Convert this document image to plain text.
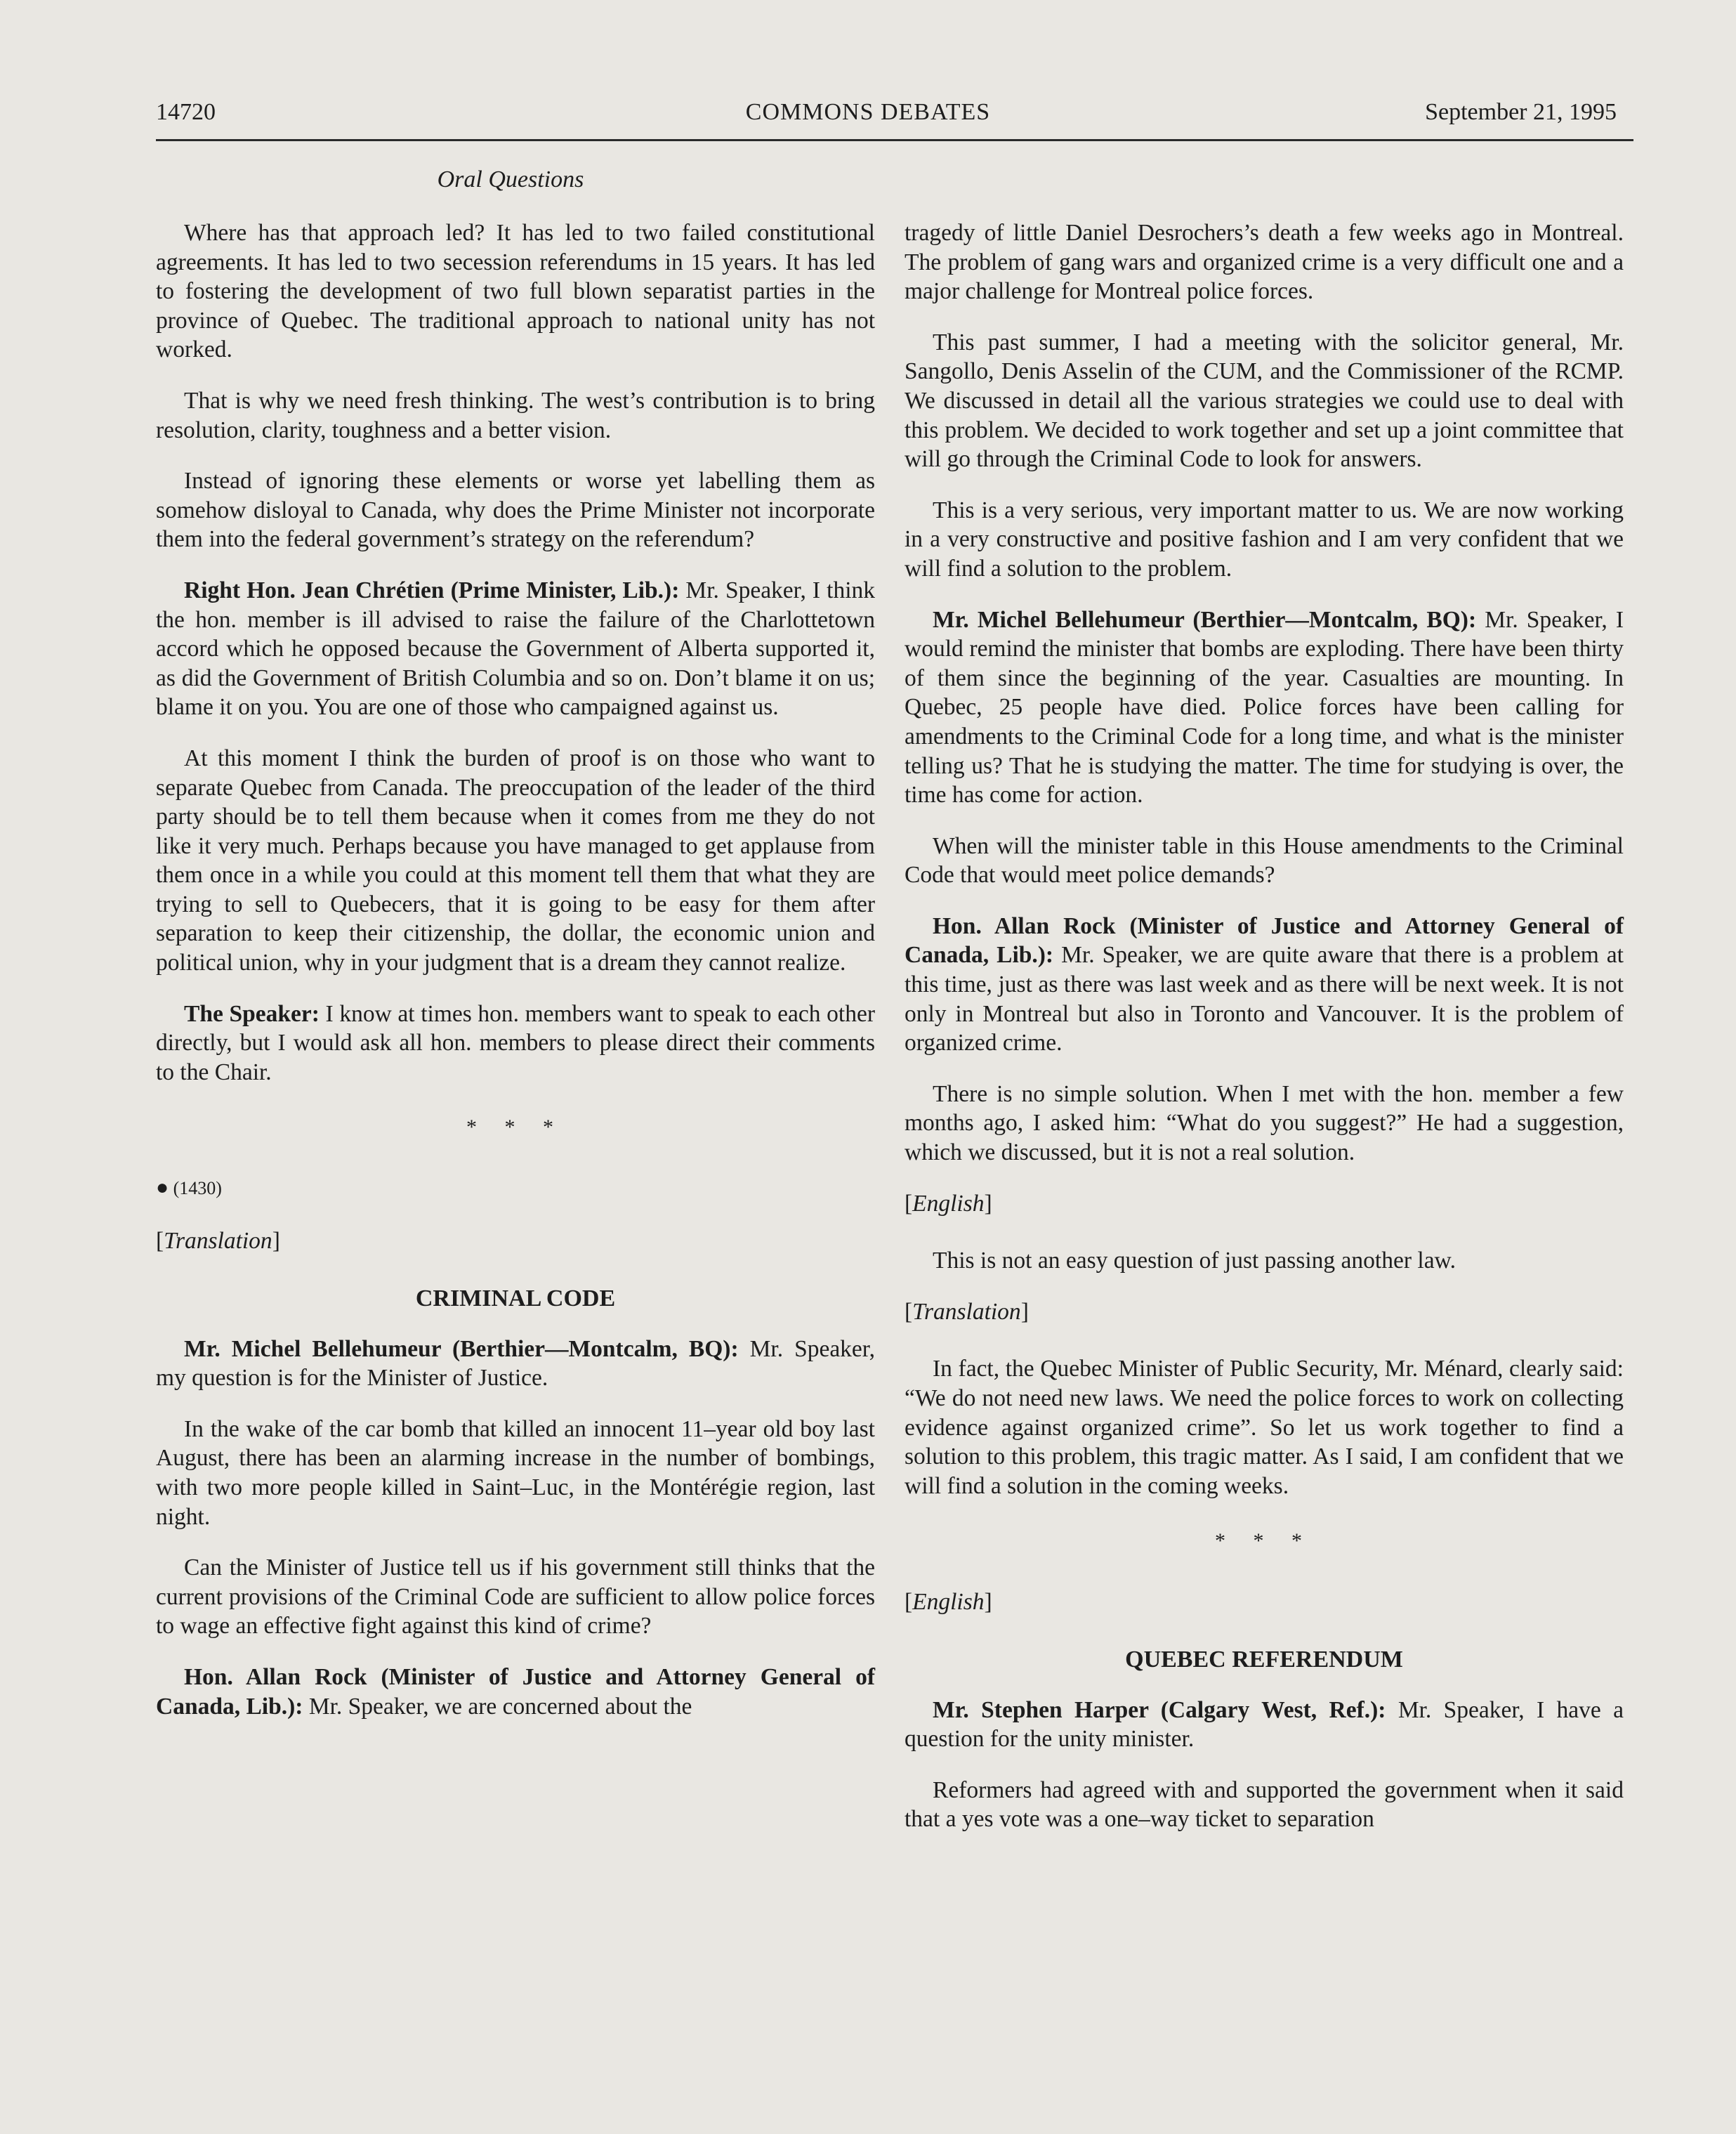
14720	COMMONS DEBATES	September 21, 1995
Oral Questions

Where has that approach led? It has led to two failed constitutional agreements. It has led to two secession referendums in 15 years. It has led to fostering the development of two full blown separatist parties in the province of Quebec. The traditional approach to national unity has not worked.

That is why we need fresh thinking. The west’s contribution is to bring resolution, clarity, toughness and a better vision.

Instead of ignoring these elements or worse yet labelling them as somehow disloyal to Canada, why does the Prime Minister not incorporate them into the federal government’s strategy on the referendum?

Right Hon. Jean Chrétien (Prime Minister, Lib.): Mr. Speaker, I think the hon. member is ill advised to raise the failure of the Charlottetown accord which he opposed because the Government of Alberta supported it, as did the Government of British Columbia and so on. Don’t blame it on us; blame it on you. You are one of those who campaigned against us.

At this moment I think the burden of proof is on those who want to separate Quebec from Canada. The preoccupation of the leader of the third party should be to tell them because when it comes from me they do not like it very much. Perhaps because you have managed to get applause from them once in a while you could at this moment tell them that what they are trying to sell to Quebecers, that it is going to be easy for them after separation to keep their citizenship, the dollar, the economic union and political union, why in your judgment that is a dream they cannot realize.

The Speaker: I know at times hon. members want to speak to each other directly, but I would ask all hon. members to please direct their comments to the Chair.

* * *
● (1430)
[ Translation ]
CRIMINAL CODE

Mr. Michel Bellehumeur (Berthier—Montcalm, BQ): Mr. Speaker, my question is for the Minister of Justice.

In the wake of the car bomb that killed an innocent 11–year old boy last August, there has been an alarming increase in the number of bombings, with two more people killed in Saint–Luc, in the Montérégie region, last night.

Can the Minister of Justice tell us if his government still thinks that the current provisions of the Criminal Code are sufficient to allow police forces to wage an effective fight against this kind of crime?

Hon. Allan Rock (Minister of Justice and Attorney General of Canada, Lib.): Mr. Speaker, we are concerned about the

tragedy of little Daniel Desrochers’s death a few weeks ago in Montreal. The problem of gang wars and organized crime is a very difficult one and a major challenge for Montreal police forces.

This past summer, I had a meeting with the solicitor general, Mr. Sangollo, Denis Asselin of the CUM, and the Commissioner of the RCMP. We discussed in detail all the various strategies we could use to deal with this problem. We decided to work together and set up a joint committee that will go through the Criminal Code to look for answers.

This is a very serious, very important matter to us. We are now working in a very constructive and positive fashion and I am very confident that we will find a solution to the problem.

Mr. Michel Bellehumeur (Berthier—Montcalm, BQ): Mr. Speaker, I would remind the minister that bombs are exploding. There have been thirty of them since the beginning of the year. Casualties are mounting. In Quebec, 25 people have died. Police forces have been calling for amendments to the Criminal Code for a long time, and what is the minister telling us? That he is studying the matter. The time for studying is over, the time has come for action.

When will the minister table in this House amendments to the Criminal Code that would meet police demands?

Hon. Allan Rock (Minister of Justice and Attorney General of Canada, Lib.): Mr. Speaker, we are quite aware that there is a problem at this time, just as there was last week and as there will be next week. It is not only in Montreal but also in Toronto and Vancouver. It is the problem of organized crime.

There is no simple solution. When I met with the hon. member a few months ago, I asked him: “What do you suggest?” He had a suggestion, which we discussed, but it is not a real solution.

[ English ]

This is not an easy question of just passing another law.

[ Translation ]

In fact, the Quebec Minister of Public Security, Mr. Ménard, clearly said: “We do not need new laws. We need the police forces to work on collecting evidence against organized crime”. So let us work together to find a solution to this problem, this tragic matter. As I said, I am confident that we will find a solution in the coming weeks.

* * *
[ English ]
QUEBEC REFERENDUM

Mr. Stephen Harper (Calgary West, Ref.): Mr. Speaker, I have a question for the unity minister.

Reformers had agreed with and supported the government when it said that a yes vote was a one–way ticket to separation
